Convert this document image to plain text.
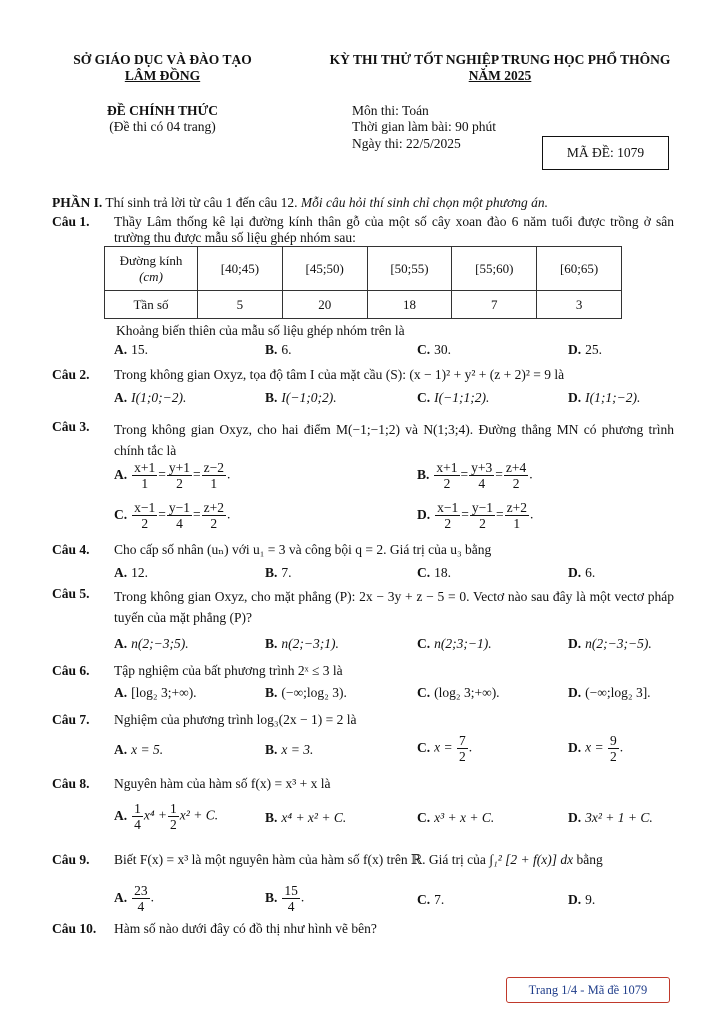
SỞ GIÁO DỤC VÀ ĐÀO TẠO
LÂM ĐỒNG
KỲ THI THỬ TỐT NGHIỆP TRUNG HỌC PHỔ THÔNG
NĂM 2025
ĐỀ CHÍNH THỨC
(Đề thi có 04 trang)
Môn thi: Toán
Thời gian làm bài: 90 phút
Ngày thi: 22/5/2025
MÃ ĐỀ: 1079
PHẦN I. Thí sinh trả lời từ câu 1 đến câu 12. Mỗi câu hỏi thí sinh chỉ chọn một phương án.
Câu 1. Thầy Lâm thống kê lại đường kính thân gỗ của một số cây xoan đào 6 năm tuổi được trồng ở sân trường thu được mẫu số liệu ghép nhóm sau:
Đường kính
(cm)	[40;45)	[45;50)	[50;55)	[55;60)	[60;65)
Tần số	5	20	18	7	3
Khoảng biến thiên của mẫu số liệu ghép nhóm trên là
A. 15.	B. 6.	C. 30.	D. 25.
Câu 2. Trong không gian Oxyz, tọa độ tâm I của mặt cầu (S): (x − 1)² + y² + (z + 2)² = 9 là
A. I(1;0;−2).	B. I(−1;0;2).	C. I(−1;1;2).	D. I(1;1;−2).
Câu 3. Trong không gian Oxyz, cho hai điểm M(−1;−1;2) và N(1;3;4). Đường thẳng MN có phương trình chính tắc là
A. $\frac{x+1}{1} = \frac{y+1}{2} = \frac{z-2}{1}$ .	B. $\frac{x+1}{2} = \frac{y+3}{4} = \frac{z+4}{2}$ .
C. $\frac{x-1}{2} = \frac{y-1}{4} = \frac{z+2}{2}$ .	D. $\frac{x-1}{2} = \frac{y-1}{2} = \frac{z+2}{1}$ .
Câu 4. Cho cấp số nhân (uₙ) với u₁ = 3 và công bội q = 2. Giá trị của u₃ bằng
A. 12.	B. 7.	C. 18.	D. 6.
Câu 5. Trong không gian Oxyz, cho mặt phẳng (P): 2x − 3y + z − 5 = 0. Vectơ nào sau đây là một vectơ pháp tuyến của mặt phẳng (P)?
A. n(2;−3;5).	B. n(2;−3;1).	C. n(2;3;−1).	D. n(2;−3;−5).
Câu 6. Tập nghiệm của bất phương trình 2ˣ ≤ 3 là
A. [log₂ 3;+∞).	B. (−∞;log₂ 3).	C. (log₂ 3;+∞).	D. (−∞;log₂ 3].
Câu 7. Nghiệm của phương trình log₃(2x − 1) = 2 là
A. x = 5.	B. x = 3.	C. $x = \frac{7}{2}$ .	D. $x = \frac{9}{2}$ .
Câu 8. Nguyên hàm của hàm số f(x) = x³ + x là
A. $\frac{1}{4} x^4 + \frac{1}{2} x^2 + C$.	B. x⁴ + x² + C.	C. x³ + x + C.	D. 3x² + 1 + C.
Câu 9. Biết F(x) = x³ là một nguyên hàm của hàm số f(x) trên ℝ. Giá trị của ∫₁² [2 + f(x)] dx bằng
A. $\frac{23}{4}$ .	B. $\frac{15}{4}$ .	C. 7.	D. 9.
Câu 10. Hàm số nào dưới đây có đồ thị như hình vẽ bên?
Trang 1/4 - Mã đề 1079
